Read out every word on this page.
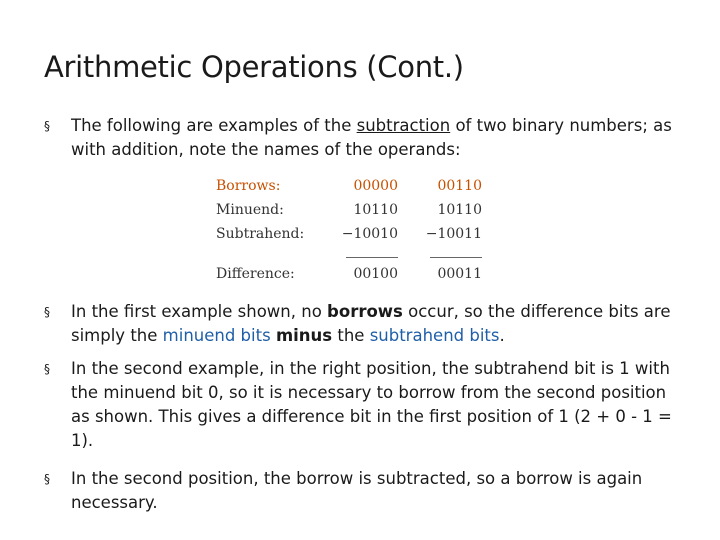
Arithmetic Operations (Cont.)
§	The following are examples of the subtraction of two binary numbers; as with addition, note the names of the operands:
Borrows:	00000	00110
Minuend:	10110	10110
Subtrahend:	−10010	−10011

Difference:	00100	00011
§	In the first example shown, no borrows occur, so the difference bits are simply the minuend bits minus the subtrahend bits.
§	In the second example, in the right position, the subtrahend bit is 1 with the minuend bit 0, so it is necessary to borrow from the second position as shown. This gives a difference bit in the first position of 1 (2 + 0 - 1 = 1).
§	In the second position, the borrow is subtracted, so a borrow is again necessary.
